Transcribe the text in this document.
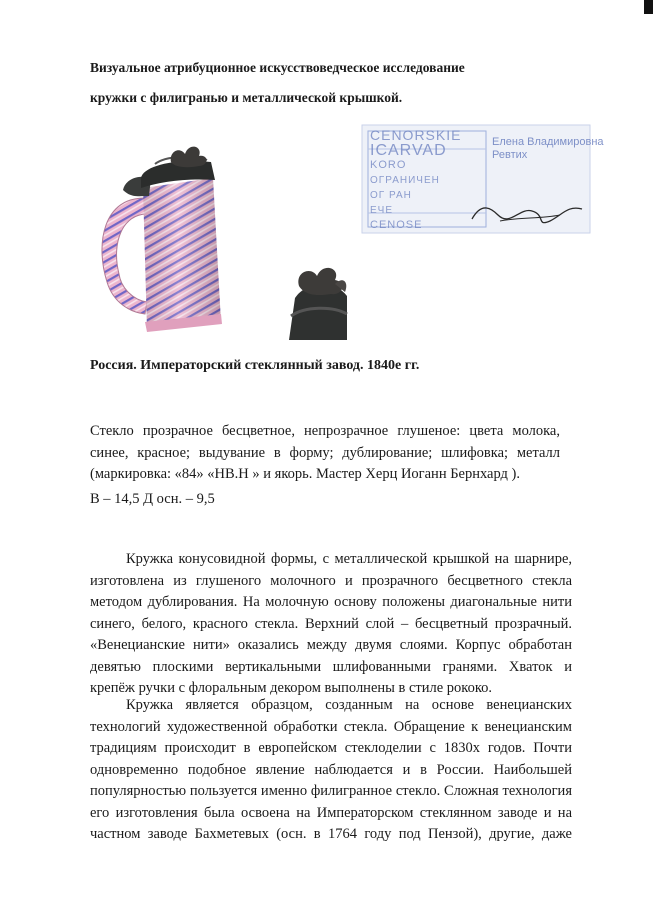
Визуальное атрибуционное искусствоведческое исследование
кружки с филигранью и металлической крышкой.

CENORSKIE
ICARVAD
KORO
ОГРАНИЧЕН
ОГ РАН
ЕЧЕ
CENOSE
Елена Владимировна
Ревтих
Россия. Императорский стеклянный завод. 1840е гг.

Стекло прозрачное бесцветное, непрозрачное глушеное: цвета молока,
синее, красное; выдувание в форму; дублирование; шлифовка; металл
(маркировка: «84» «НВ.Н » и якорь. Мастер Херц Иоганн Бернхард ).

В – 14,5 Д осн. – 9,5

Кружка конусовидной формы, с металлической крышкой на шарнире,
изготовлена из глушеного молочного и прозрачного бесцветного стекла
методом дублирования. На молочную основу положены диагональные нити
синего, белого, красного стекла. Верхний слой – бесцветный прозрачный.
«Венецианские нити» оказались между двумя слоями. Корпус обработан
девятью плоскими вертикальными шлифованными гранями. Хваток и
крепёж ручки с флоральным декором выполнены в стиле рококо.

Кружка является образцом, созданным на основе венецианских
технологий художественной обработки стекла. Обращение к венецианским
традициям происходит в европейском стеклоделии с 1830х годов. Почти
одновременно подобное явление наблюдается и в России. Наибольшей
популярностью пользуется именно филигранное стекло. Сложная технология
его изготовления была освоена на Императорском стеклянном заводе и на
частном заводе Бахметевых (осн. в 1764 году под Пензой), другие, даже
